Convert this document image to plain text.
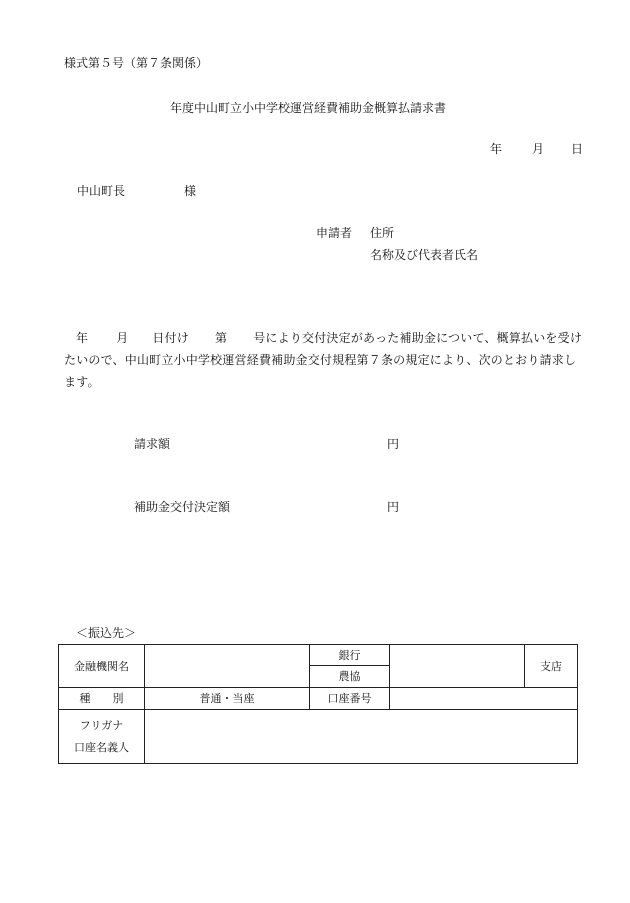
様式第５号（第７条関係）
年度中山町立小中学校運営経費補助金概算払請求書
年 月 日
中山町長	様
申請者 住所
名称及び代表者氏名
年 月 日付け 第 号により交付決定があった補助金について、概算払いを受けたいので、中山町立小中学校運営経費補助金交付規程第７条の規定により、次のとおり請求します。
請求額	円
補助金交付決定額	円
＜振込先＞
金融機関名		銀行		支店
		農協		
種　　別	普通・当座	口座番号		
フリガナ
口座名義人				
